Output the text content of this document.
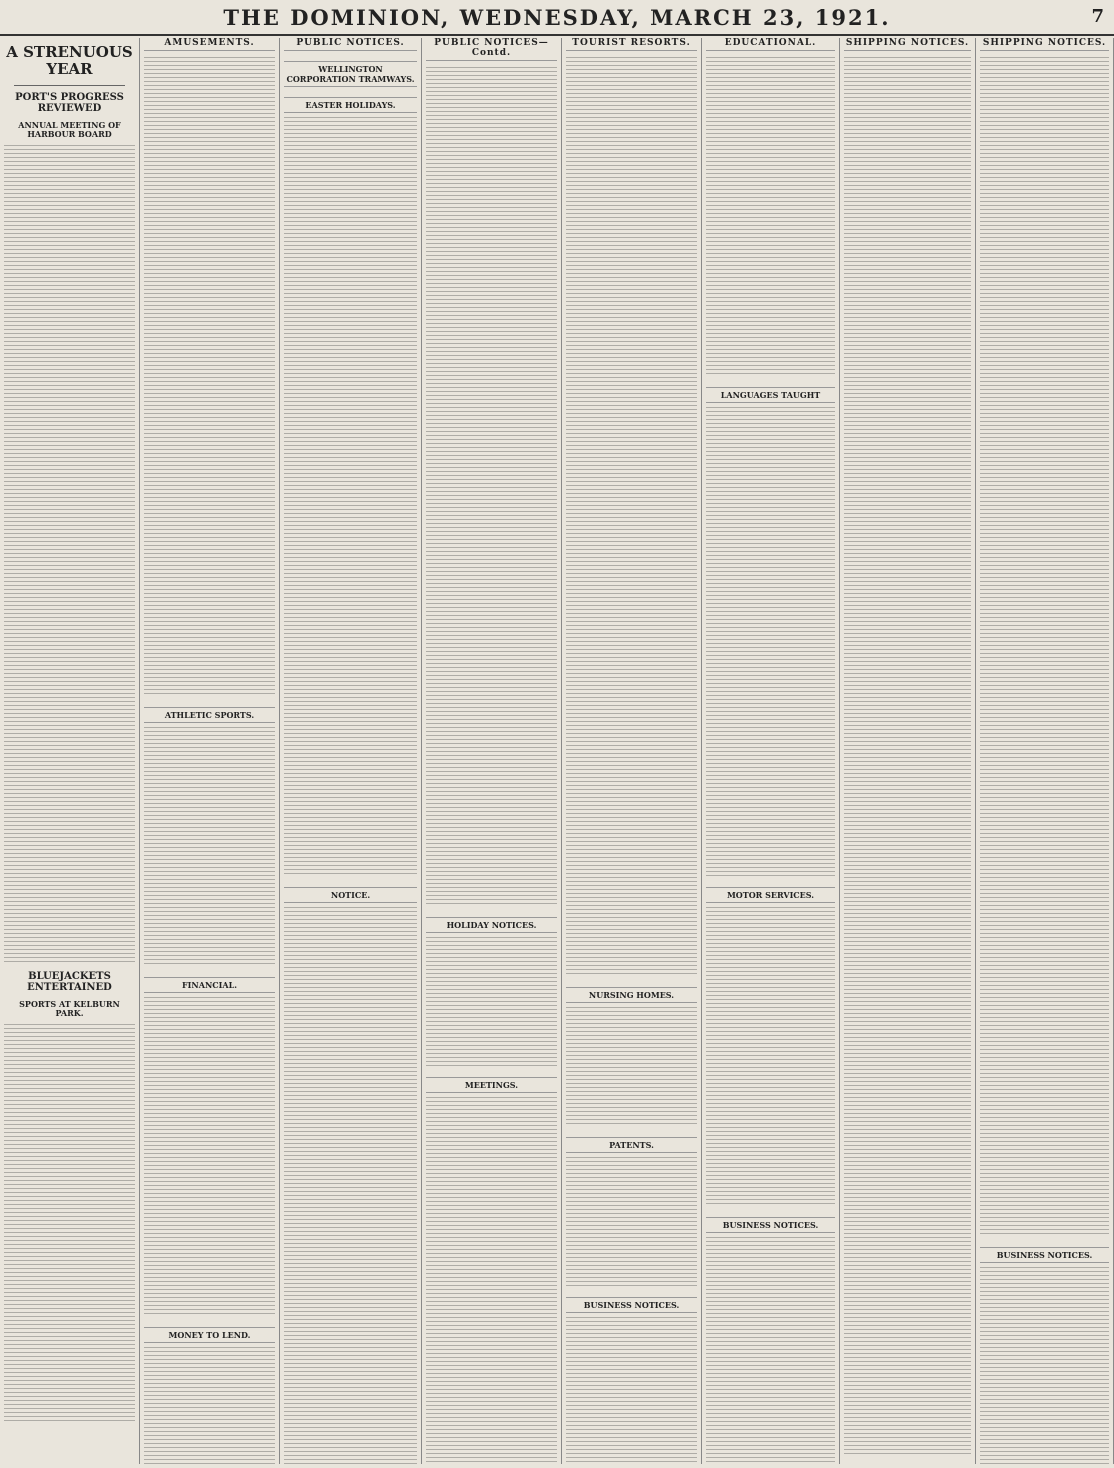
THE DOMINION, WEDNESDAY, MARCH 23, 1921.	7
A STRENUOUS YEAR
PORT'S PROGRESS REVIEWED
ANNUAL MEETING OF HARBOUR BOARD
BLUEJACKETS ENTERTAINED
SPORTS AT KELBURN PARK.
AMUSEMENTS.
ATHLETIC SPORTS.
FINANCIAL.
MONEY TO LEND.
PUBLIC NOTICES.
WELLINGTON CORPORATION TRAMWAYS.
EASTER HOLIDAYS.
NOTICE.
PUBLIC NOTICES—Contd.
HOLIDAY NOTICES.
MEETINGS.
TOURIST RESORTS.
NURSING HOMES.
PATENTS.
BUSINESS NOTICES.
EDUCATIONAL.
LANGUAGES TAUGHT
MOTOR SERVICES.
BUSINESS NOTICES.
SHIPPING NOTICES.	SHIPPING NOTICES.
BUSINESS NOTICES.
